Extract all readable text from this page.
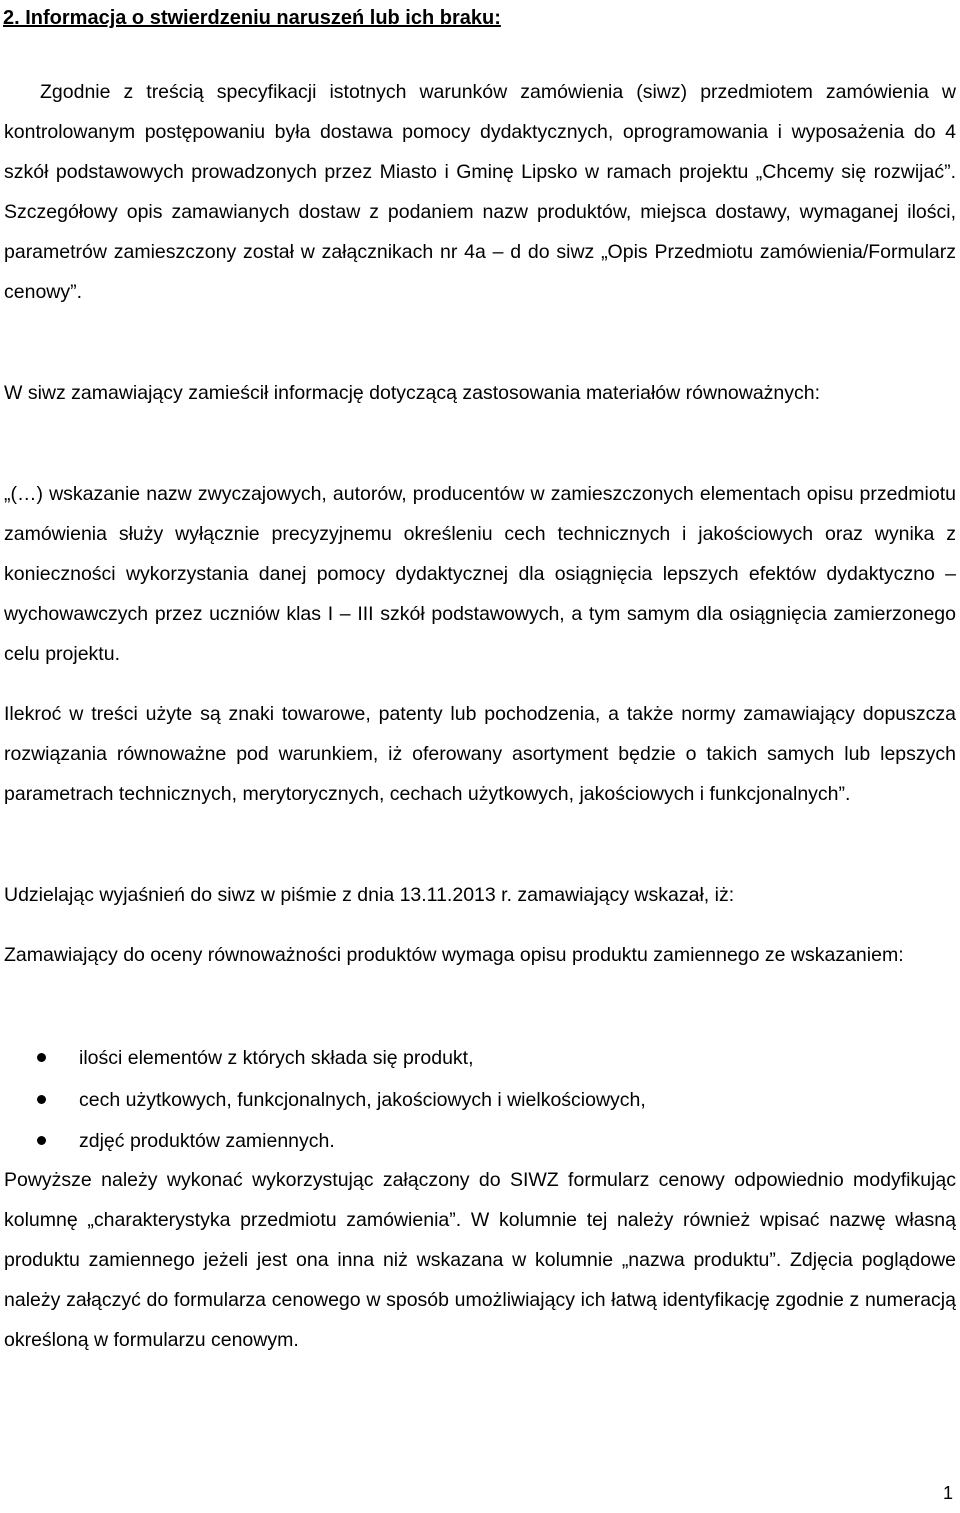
2. Informacja o stwierdzeniu naruszeń lub ich braku:

Zgodnie z treścią specyfikacji istotnych warunków zamówienia (siwz) przedmiotem zamówienia w kontrolowanym postępowaniu była dostawa pomocy dydaktycznych, oprogramowania i wyposażenia do 4 szkół podstawowych prowadzonych przez Miasto i Gminę Lipsko w ramach projektu „Chcemy się rozwijać”. Szczegółowy opis zamawianych dostaw z podaniem nazw produktów, miejsca dostawy, wymaganej ilości, parametrów zamieszczony został w załącznikach nr 4a – d do siwz „Opis Przedmiotu zamówienia/Formularz cenowy”.

W siwz zamawiający zamieścił informację dotyczącą zastosowania materiałów równoważnych:

„(…) wskazanie nazw zwyczajowych, autorów, producentów w zamieszczonych elementach opisu przedmiotu zamówienia służy wyłącznie precyzyjnemu określeniu cech technicznych i jakościowych oraz wynika z konieczności wykorzystania danej pomocy dydaktycznej dla osiągnięcia lepszych efektów dydaktyczno – wychowawczych przez uczniów klas I – III szkół podstawowych, a tym samym dla osiągnięcia zamierzonego celu projektu.

Ilekroć w treści użyte są znaki towarowe, patenty lub pochodzenia, a także normy zamawiający dopuszcza rozwiązania równoważne pod warunkiem, iż oferowany asortyment będzie o takich samych lub lepszych parametrach technicznych, merytorycznych, cechach użytkowych, jakościowych i funkcjonalnych”.

Udzielając wyjaśnień do siwz w piśmie z dnia 13.11.2013 r. zamawiający wskazał, iż:

Zamawiający do oceny równoważności produktów wymaga opisu produktu zamiennego ze wskazaniem:

ilości elementów z których składa się produkt,
cech użytkowych, funkcjonalnych, jakościowych i wielkościowych,
zdjęć produktów zamiennych.

Powyższe należy wykonać wykorzystując załączony do SIWZ formularz cenowy odpowiednio modyfikując kolumnę „charakterystyka przedmiotu zamówienia”. W kolumnie tej należy również wpisać nazwę własną produktu zamiennego jeżeli jest ona inna niż wskazana w kolumnie „nazwa produktu”. Zdjęcia poglądowe należy załączyć do formularza cenowego w sposób umożliwiający ich łatwą identyfikację zgodnie z numeracją określoną w formularzu cenowym.

1
